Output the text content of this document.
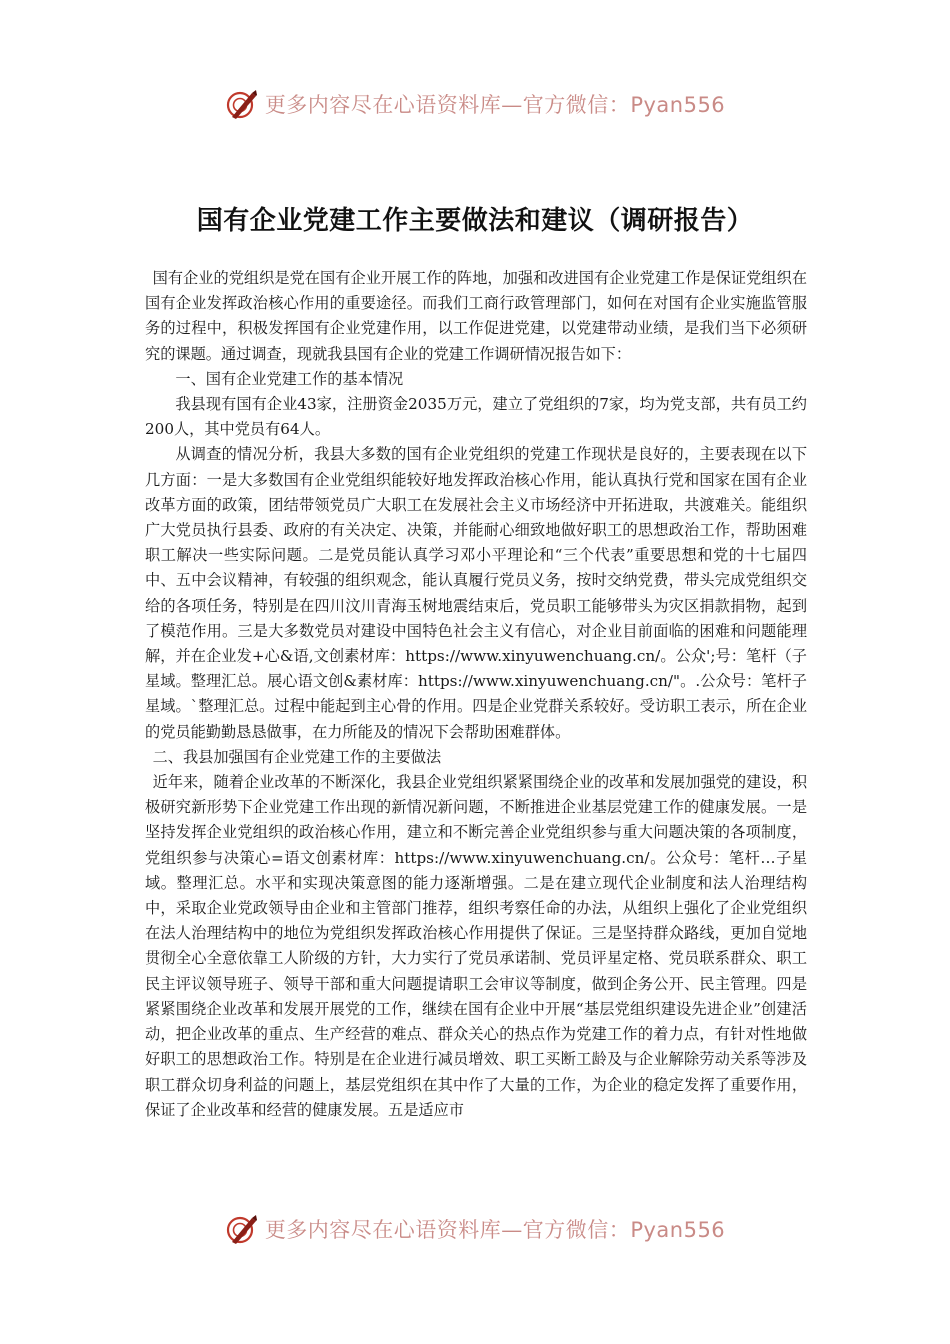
更多内容尽在心语资料库—官方微信：Pyan556
国有企业党建工作主要做法和建议（调研报告）

国有企业的党组织是党在国有企业开展工作的阵地，加强和改进国有企业党建工作是保证党组织在国有企业发挥政治核心作用的重要途径。而我们工商行政管理部门，如何在对国有企业实施监管服务的过程中，积极发挥国有企业党建作用，以工作促进党建，以党建带动业绩，是我们当下必须研究的课题。通过调查，现就我县国有企业的党建工作调研情况报告如下：

一、国有企业党建工作的基本情况

我县现有国有企业43家，注册资金2035万元，建立了党组织的7家，均为党支部，共有员工约200人，其中党员有64人。

从调查的情况分析，我县大多数的国有企业党组织的党建工作现状是良好的，主要表现在以下几方面：一是大多数国有企业党组织能较好地发挥政治核心作用，能认真执行党和国家在国有企业改革方面的政策，团结带领党员广大职工在发展社会主义市场经济中开拓进取，共渡难关。能组织广大党员执行县委、政府的有关决定、决策，并能耐心细致地做好职工的思想政治工作，帮助困难职工解决一些实际问题。二是党员能认真学习邓小平理论和“三个代表”重要思想和党的十七届四中、五中会议精神，有较强的组织观念，能认真履行党员义务，按时交纳党费，带头完成党组织交给的各项任务，特别是在四川汶川青海玉树地震结束后，党员职工能够带头为灾区捐款捐物，起到了模范作用。三是大多数党员对建设中国特色社会主义有信心，对企业目前面临的困难和问题能理解，并在企业发+心&语,文创素材库：https://www.xinyuwenchuang.cn/。公众';号：笔杆（子星域。整理汇总。展心语文创&素材库：https://www.xinyuwenchuang.cn/"。.公众号：笔杆子星域。`整理汇总。过程中能起到主心骨的作用。四是企业党群关系较好。受访职工表示，所在企业的党员能勤勤恳恳做事，在力所能及的情况下会帮助困难群体。

二、我县加强国有企业党建工作的主要做法

近年来，随着企业改革的不断深化，我县企业党组织紧紧围绕企业的改革和发展加强党的建设，积极研究新形势下企业党建工作出现的新情况新问题，不断推进企业基层党建工作的健康发展。一是坚持发挥企业党组织的政治核心作用，建立和不断完善企业党组织参与重大问题决策的各项制度，党组织参与决策心=语文创素材库：https://www.xinyuwenchuang.cn/。公众号：笔杆…子星域。整理汇总。水平和实现决策意图的能力逐渐增强。二是在建立现代企业制度和法人治理结构中，采取企业党政领导由企业和主管部门推荐，组织考察任命的办法，从组织上强化了企业党组织在法人治理结构中的地位为党组织发挥政治核心作用提供了保证。三是坚持群众路线，更加自觉地贯彻全心全意依靠工人阶级的方针，大力实行了党员承诺制、党员评星定格、党员联系群众、职工民主评议领导班子、领导干部和重大问题提请职工会审议等制度，做到企务公开、民主管理。四是紧紧围绕企业改革和发展开展党的工作，继续在国有企业中开展“基层党组织建设先进企业”创建活动，把企业改革的重点、生产经营的难点、群众关心的热点作为党建工作的着力点，有针对性地做好职工的思想政治工作。特别是在企业进行减员增效、职工买断工龄及与企业解除劳动关系等涉及职工群众切身利益的问题上，基层党组织在其中作了大量的工作，为企业的稳定发挥了重要作用，保证了企业改革和经营的健康发展。五是适应市

更多内容尽在心语资料库—官方微信：Pyan556
